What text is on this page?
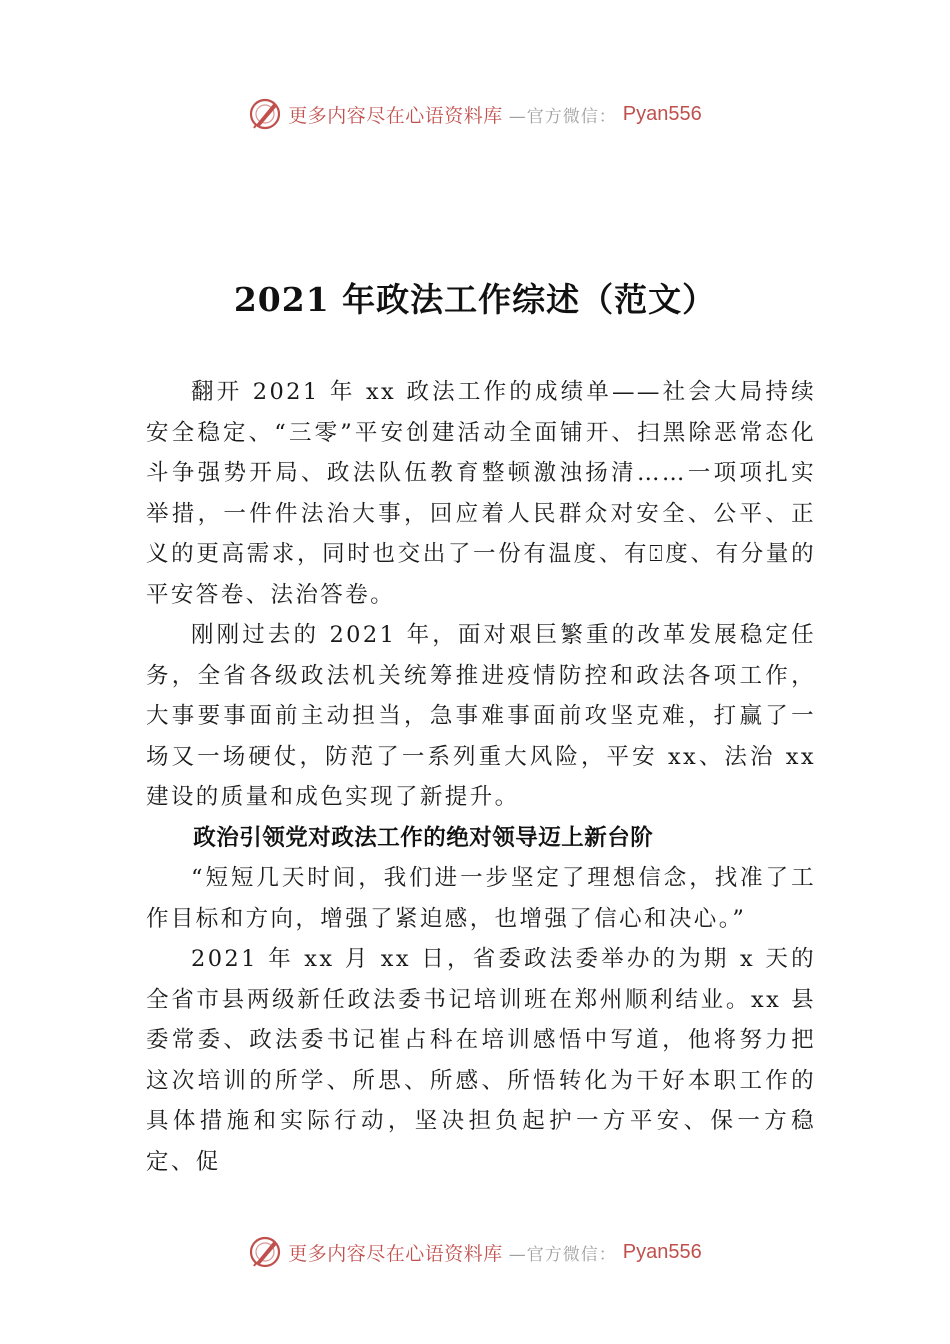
更多内容尽在心语资料库 —官方微信： Pyan556
2021 年政法工作综述（范文）

翻开 2021 年 xx 政法工作的成绩单——社会大局持续安全稳定、“三零”平安创建活动全面铺开、扫黑除恶常态化斗争强势开局、政法队伍教育整顿激浊扬清……一项项扎实举措，一件件法治大事，回应着人民群众对安全、公平、正义的更高需求，同时也交出了一份有温度、有⍠度、有分量的平安答卷、法治答卷。

刚刚过去的 2021 年，面对艰巨繁重的改革发展稳定任务，全省各级政法机关统筹推进疫情防控和政法各项工作， 大事要事面前主动担当，急事难事面前攻坚克难，打赢了一场又一场硬仗，防范了一系列重大风险，平安 xx、法治 xx 建设的质量和成色实现了新提升。

政治引领党对政法工作的绝对领导迈上新台阶

“短短几天时间，我们进一步坚定了理想信念，找准了工作目标和方向，增强了紧迫感，也增强了信心和决心。”

2021 年 xx 月 xx 日，省委政法委举办的为期 x 天的全省市县两级新任政法委书记培训班在郑州顺利结业。xx 县委常委、政法委书记崔占科在培训感悟中写道，他将努力把这次培训的所学、所思、所感、所悟转化为干好本职工作的具体措施和实际行动，坚决担负起护一方平安、保一方稳定、促

更多内容尽在心语资料库 —官方微信： Pyan556
